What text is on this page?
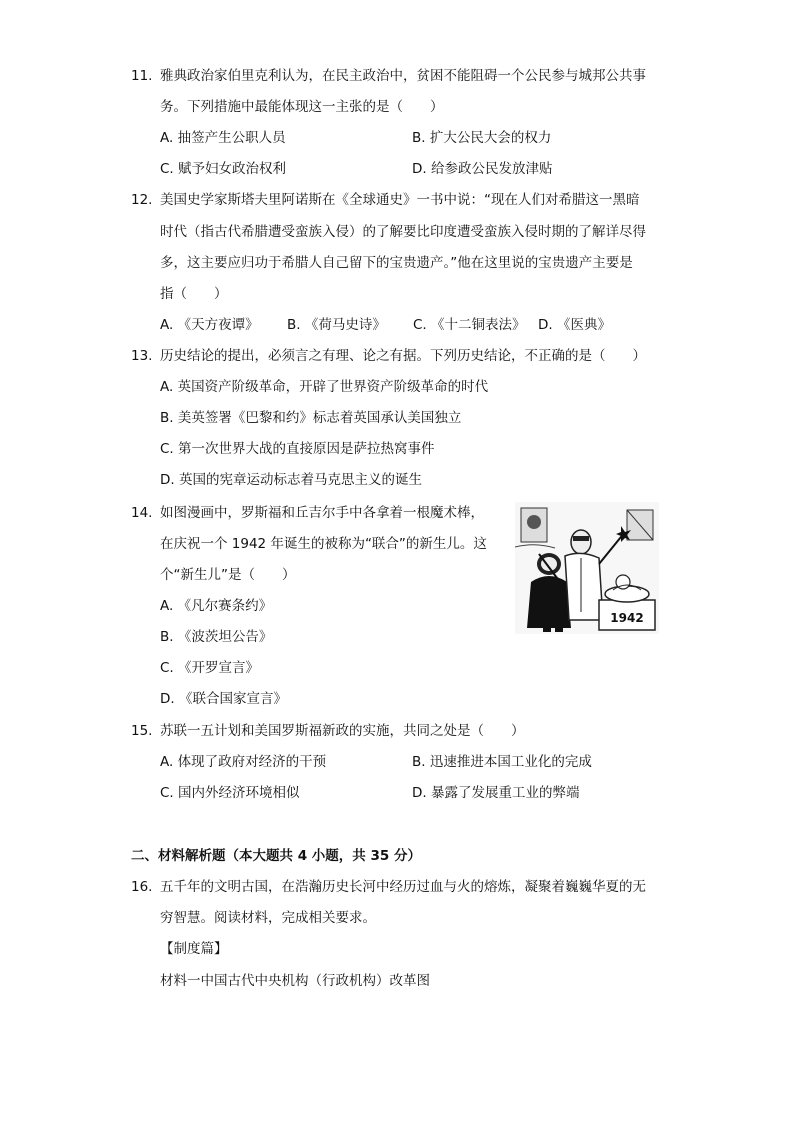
11. 雅典政治家伯里克利认为，在民主政治中，贫困不能阻碍一个公民参与城邦公共事
务。下列措施中最能体现这一主张的是（　　）
A. 抽签产生公职人员	B. 扩大公民大会的权力
C. 赋予妇女政治权利	D. 给参政公民发放津贴
12. 美国史学家斯塔夫里阿诺斯在《全球通史》一书中说：“现在人们对希腊这一黑暗
时代（指古代希腊遭受蛮族入侵）的了解要比印度遭受蛮族入侵时期的了解详尽得
多，这主要应归功于希腊人自己留下的宝贵遗产。”他在这里说的宝贵遗产主要是
指（　　）
A. 《天方夜谭》 B. 《荷马史诗》 C. 《十二铜表法》 D. 《医典》
13. 历史结论的提出，必须言之有理、论之有据。下列历史结论，不正确的是（　　）
A. 英国资产阶级革命，开辟了世界资产阶级革命的时代
B. 美英签署《巴黎和约》标志着英国承认美国独立
C. 第一次世界大战的直接原因是萨拉热窝事件
D. 英国的宪章运动标志着马克思主义的诞生
14. 如图漫画中，罗斯福和丘吉尔手中各拿着一根魔术棒，
在庆祝一个 1942 年诞生的被称为“联合”的新生儿。这
个“新生儿”是（　　）
A. 《凡尔赛条约》
B. 《波茨坦公告》
C. 《开罗宣言》
D. 《联合国家宣言》
1942
15. 苏联一五计划和美国罗斯福新政的实施，共同之处是（　　）
A. 体现了政府对经济的干预	B. 迅速推进本国工业化的完成
C. 国内外经济环境相似	D. 暴露了发展重工业的弊端
二、材料解析题（本大题共 4 小题，共 35 分）
16. 五千年的文明古国，在浩瀚历史长河中经历过血与火的熔炼，凝聚着巍巍华夏的无
穷智慧。阅读材料，完成相关要求。
【制度篇】
材料一中国古代中央机构（行政机构）改革图
